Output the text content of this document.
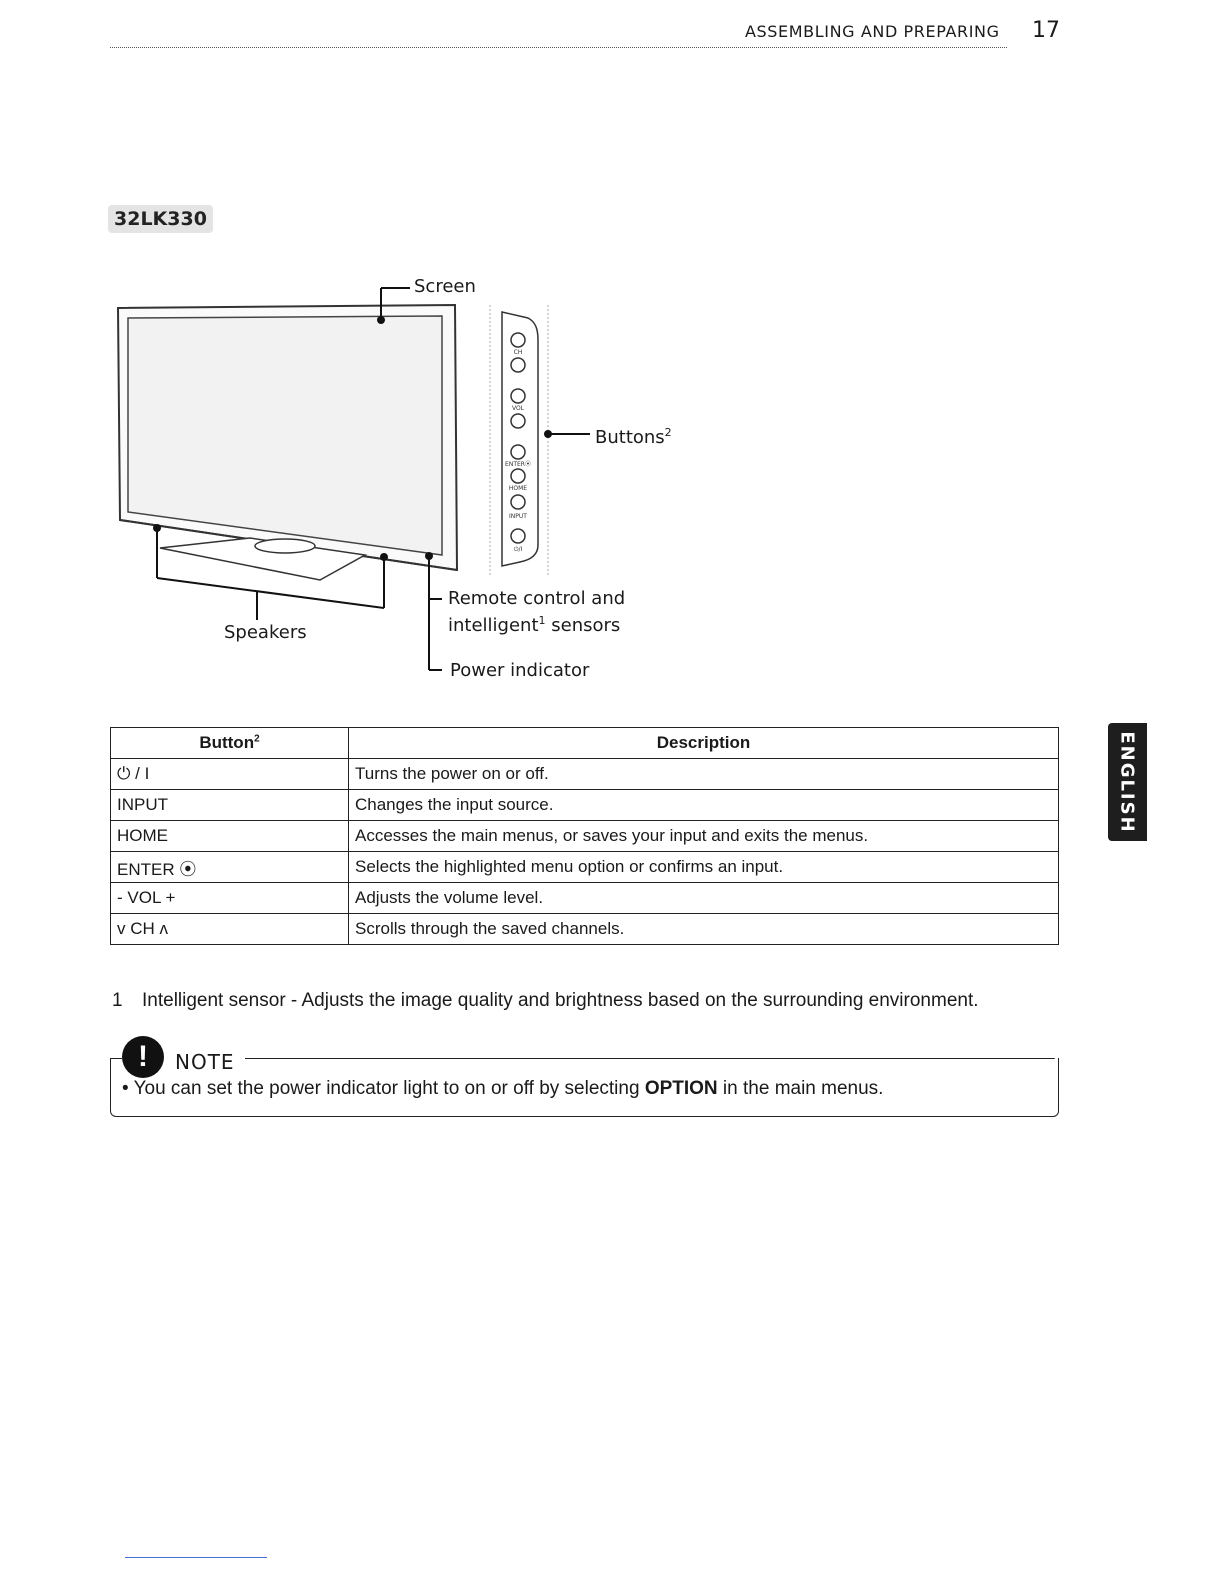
ASSEMBLING AND PREPARING 17
32LK330
CH
VOL
ENTER⦿
HOME
INPUT
⏻/I
Screen
Buttons$^2$
Speakers
Remote control and
intelligent$^1$ sensors
Power indicator
Button$^2$	Description
⏻ / I	Turns the power on or off.
INPUT	Changes the input source.
HOME	Accesses the main menus, or saves your input and exits the menus.
ENTER ⦿	Selects the highlighted menu option or confirms an input.
- VOL +	Adjusts the volume level.
v CH ʌ	Scrolls through the saved channels.
1 Intelligent sensor - Adjusts the image quality and brightness based on the surrounding environment.
!	NOTE
• You can set the power indicator light to on or off by selecting OPTION in the main menus.
ENGLISH
